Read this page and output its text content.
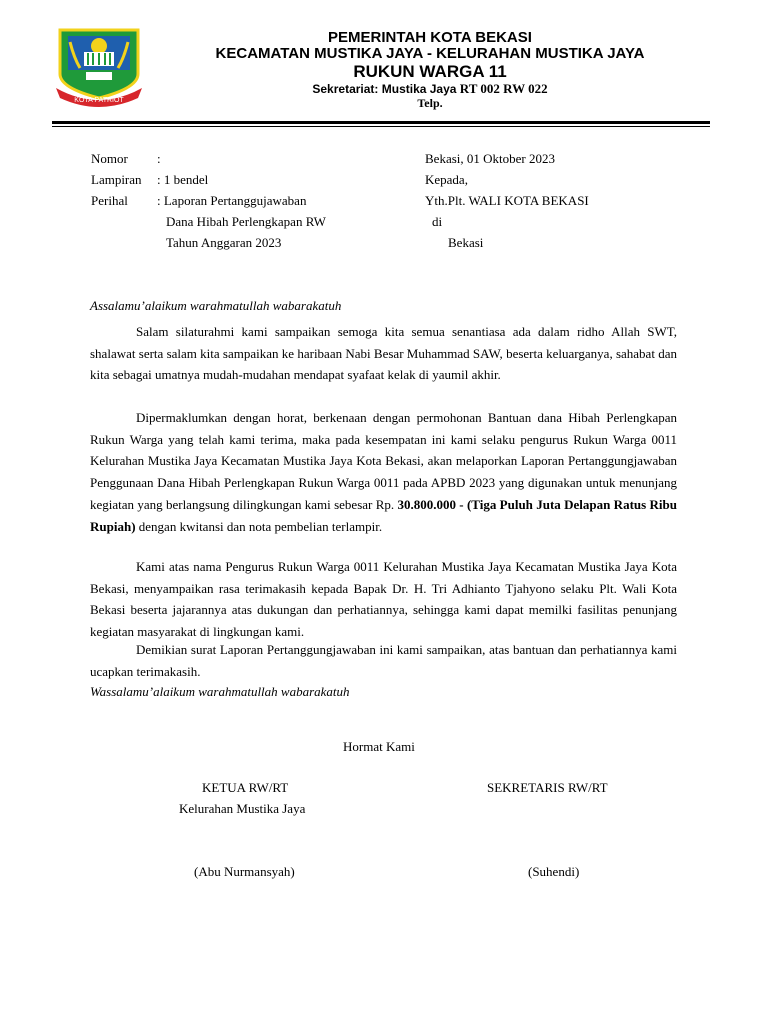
KOTA PATRIOT
PEMERINTAH KOTA BEKASI
KECAMATAN MUSTIKA JAYA - KELURAHAN MUSTIKA JAYA
RUKUN WARGA 11
Sekretariat: Mustika Jaya RT 002 RW 022
Telp.
Nomor :
Lampiran : 1 bendel
Perihal : Laporan Pertanggujawaban
Dana Hibah Perlengkapan RW
Tahun Anggaran 2023
Bekasi, 01 Oktober 2023
Kepada,
Yth.Plt. WALI KOTA BEKASI
di
Bekasi
Assalamu’alaikum warahmatullah wabarakatuh
Salam silaturahmi kami sampaikan semoga kita semua senantiasa ada dalam ridho Allah SWT, shalawat serta salam kita sampaikan ke haribaan Nabi Besar Muhammad SAW, beserta keluarganya, sahabat dan kita sebagai umatnya mudah-mudahan mendapat syafaat kelak di yaumil akhir.
Dipermaklumkan dengan horat, berkenaan dengan permohonan Bantuan dana Hibah Perlengkapan Rukun Warga yang telah kami terima, maka pada kesempatan ini kami selaku pengurus Rukun Warga 0011 Kelurahan Mustika Jaya Kecamatan Mustika Jaya Kota Bekasi, akan melaporkan Laporan Pertanggungjawaban Penggunaan Dana Hibah Perlengkapan Rukun Warga 0011 pada APBD 2023 yang digunakan untuk menunjang kegiatan yang berlangsung dilingkungan kami sebesar Rp. 30.800.000 - (Tiga Puluh Juta Delapan Ratus Ribu Rupiah) dengan kwitansi dan nota pembelian terlampir.
Kami atas nama Pengurus Rukun Warga 0011 Kelurahan Mustika Jaya Kecamatan Mustika Jaya Kota Bekasi, menyampaikan rasa terimakasih kepada Bapak Dr. H. Tri Adhianto Tjahyono selaku Plt. Wali Kota Bekasi beserta jajarannya atas dukungan dan perhatiannya, sehingga kami dapat memilki fasilitas penunjang kegiatan masyarakat di lingkungan kami.
Demikian surat Laporan Pertanggungjawaban ini kami sampaikan, atas bantuan dan perhatiannya kami ucapkan terimakasih.
Wassalamu’alaikum warahmatullah wabarakatuh
Hormat Kami
KETUA RW/RT
Kelurahan Mustika Jaya
(Abu Nurmansyah)
SEKRETARIS RW/RT
(Suhendi)
